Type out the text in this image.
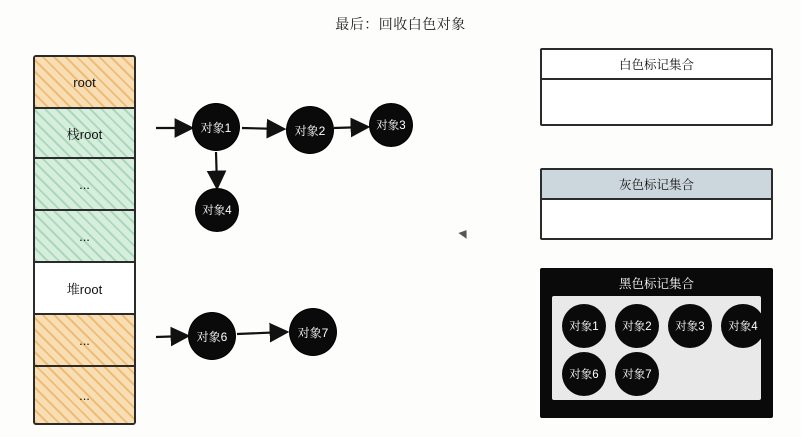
最后：回收白色对象
root
栈root
...
...
堆root
...
...
对象1	对象2	对象3
对象4
对象6	对象7
白色标记集合
灰色标记集合
黑色标记集合
对象1 对象2 对象3 对象4
对象6 对象7
